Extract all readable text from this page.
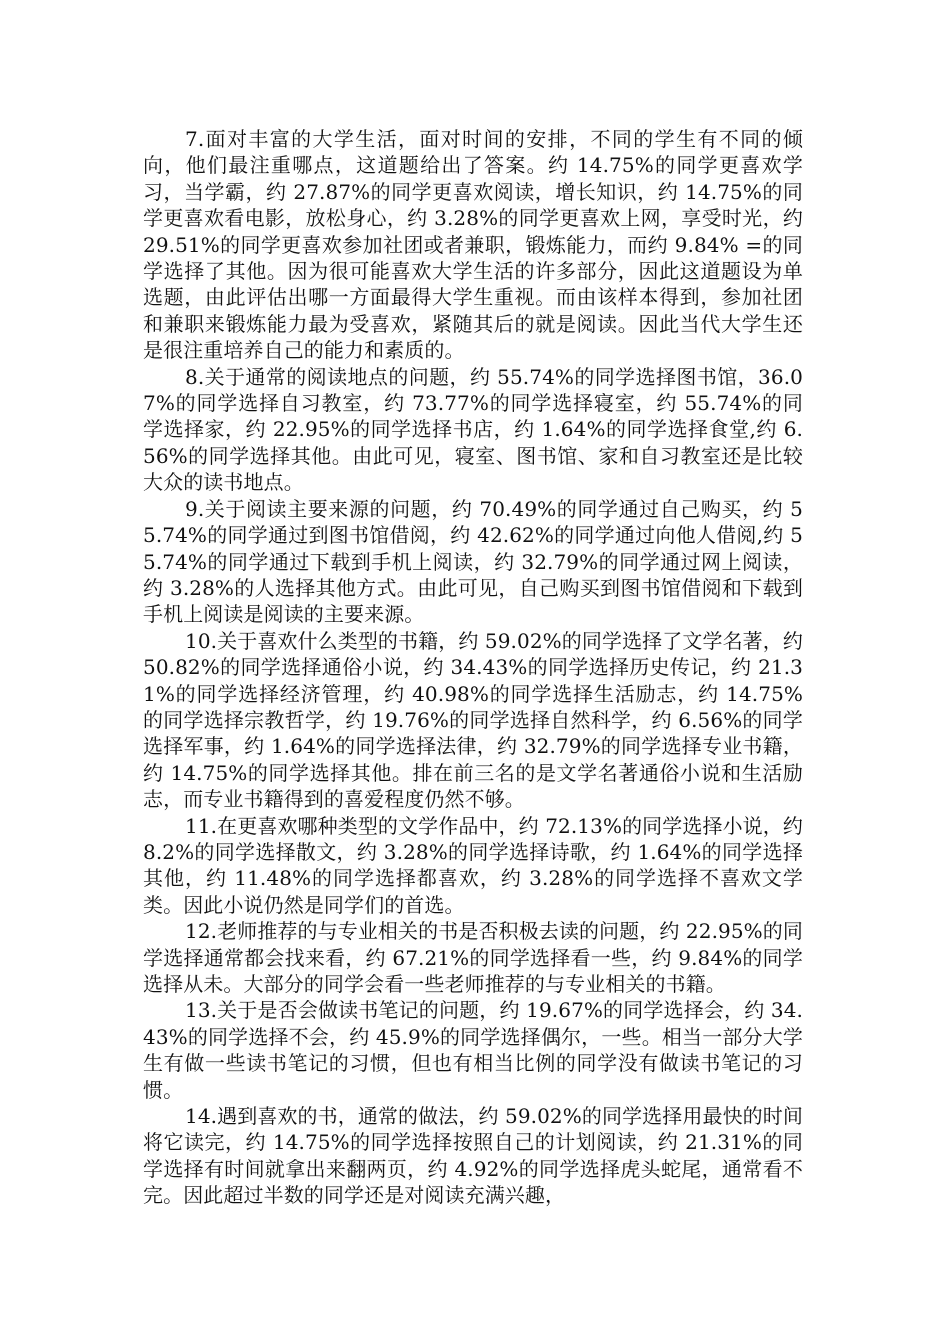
7.面对丰富的大学生活，面对时间的安排，不同的学生有不同的倾向，他们最注重哪点，这道题给出了答案。约 14.75%的同学更喜欢学习，当学霸，约 27.87%的同学更喜欢阅读，增长知识，约 14.75%的同学更喜欢看电影，放松身心，约 3.28%的同学更喜欢上网，享受时光，约 29.51%的同学更喜欢参加社团或者兼职，锻炼能力，而约 9.84% =的同学选择了其他。因为很可能喜欢大学生活的许多部分，因此这道题设为单选题，由此评估出哪一方面最得大学生重视。而由该样本得到，参加社团和兼职来锻炼能力最为受喜欢，紧随其后的就是阅读。因此当代大学生还是很注重培养自己的能力和素质的。

8.关于通常的阅读地点的问题，约 55.74%的同学选择图书馆，36.07%的同学选择自习教室，约 73.77%的同学选择寝室，约 55.74%的同学选择家，约 22.95%的同学选择书店，约 1.64%的同学选择食堂,约 6.56%的同学选择其他。由此可见，寝室、图书馆、家和自习教室还是比较大众的读书地点。

9.关于阅读主要来源的问题，约 70.49%的同学通过自己购买，约 55.74%的同学通过到图书馆借阅，约 42.62%的同学通过向他人借阅,约 55.74%的同学通过下载到手机上阅读，约 32.79%的同学通过网上阅读，约 3.28%的人选择其他方式。由此可见，自己购买到图书馆借阅和下载到手机上阅读是阅读的主要来源。

10.关于喜欢什么类型的书籍，约 59.02%的同学选择了文学名著，约 50.82%的同学选择通俗小说，约 34.43%的同学选择历史传记，约 21.31%的同学选择经济管理，约 40.98%的同学选择生活励志，约 14.75%的同学选择宗教哲学，约 19.76%的同学选择自然科学，约 6.56%的同学选择军事，约 1.64%的同学选择法律，约 32.79%的同学选择专业书籍，约 14.75%的同学选择其他。排在前三名的是文学名著通俗小说和生活励志，而专业书籍得到的喜爱程度仍然不够。

11.在更喜欢哪种类型的文学作品中，约 72.13%的同学选择小说，约 8.2%的同学选择散文，约 3.28%的同学选择诗歌，约 1.64%的同学选择其他，约 11.48%的同学选择都喜欢，约 3.28%的同学选择不喜欢文学类。因此小说仍然是同学们的首选。

12.老师推荐的与专业相关的书是否积极去读的问题，约 22.95%的同学选择通常都会找来看，约 67.21%的同学选择看一些，约 9.84%的同学选择从未。大部分的同学会看一些老师推荐的与专业相关的书籍。

13.关于是否会做读书笔记的问题，约 19.67%的同学选择会，约 34.43%的同学选择不会，约 45.9%的同学选择偶尔，一些。相当一部分大学生有做一些读书笔记的习惯，但也有相当比例的同学没有做读书笔记的习惯。

14.遇到喜欢的书，通常的做法，约 59.02%的同学选择用最快的时间将它读完，约 14.75%的同学选择按照自己的计划阅读，约 21.31%的同学选择有时间就拿出来翻两页，约 4.92%的同学选择虎头蛇尾，通常看不完。因此超过半数的同学还是对阅读充满兴趣，
